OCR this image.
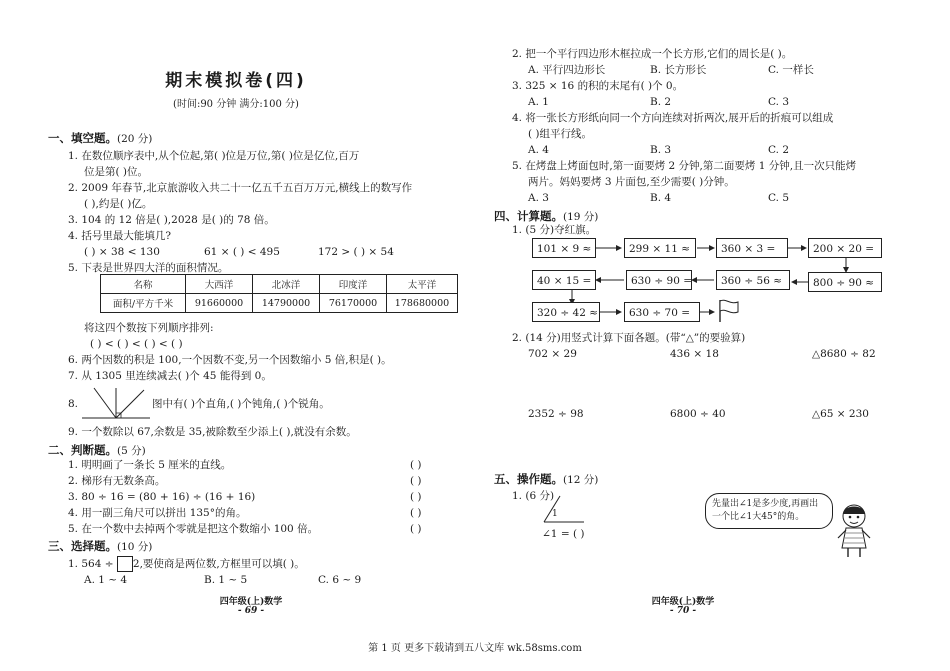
期末模拟卷(四)
(时间:90 分钟 满分:100 分)
一、填空题。(20 分)
1. 在数位顺序表中,从个位起,第( )位是万位,第( )位是亿位,百万
位是第( )位。
2. 2009 年春节,北京旅游收入共二十一亿五千五百万万元,横线上的数写作
( ),约是( )亿。
3. 104 的 12 倍是( ),2028 是( )的 78 倍。
4. 括号里最大能填几?
( ) × 38 < 130	61 × ( ) < 495	172 > ( ) × 54
5. 下表是世界四大洋的面积情况。
名称	大西洋	北冰洋	印度洋	太平洋
面积/平方千米	91660000	14790000	76170000	178680000
将这四个数按下列顺序排列:
( ) < ( ) < ( ) < ( )
6. 两个因数的积是 100,一个因数不变,另一个因数缩小 5 倍,积是( )。
7. 从 1305 里连续减去( )个 45 能得到 0。
8.	图中有( )个直角,( )个钝角,( )个锐角。
9. 一个数除以 67,余数是 35,被除数至少添上( ),就没有余数。
二、判断题。(5 分)
1. 明明画了一条长 5 厘米的直线。	( )
2. 梯形有无数条高。	( )
3. 80 ÷ 16 = (80 + 16) ÷ (16 + 16)	( )
4. 用一副三角尺可以拼出 135°的角。	( )
5. 在一个数中去掉两个零就是把这个数缩小 100 倍。	( )
三、选择题。(10 分)
1. 564 ÷ 2,要使商是两位数,方框里可以填( )。
A. 1 ~ 4	B. 1 ~ 5	C. 6 ~ 9
四年级(上)数学
- 69 -
2. 把一个平行四边形木框拉成一个长方形,它们的周长是( )。
A. 平行四边形长	B. 长方形长	C. 一样长
3. 325 × 16 的积的末尾有( )个 0。
A. 1	B. 2	C. 3
4. 将一张长方形纸向同一个方向连续对折两次,展开后的折痕可以组成
( )组平行线。
A. 4	B. 3	C. 2
5. 在烤盘上烤面包时,第一面要烤 2 分钟,第二面要烤 1 分钟,且一次只能烤
两片。妈妈要烤 3 片面包,至少需要( )分钟。
A. 3	B. 4	C. 5
四、计算题。(19 分)
1. (5 分)夺红旗。
101 × 9 ≈	299 × 11 ≈	360 × 3 =	200 × 20 =
800 ÷ 90 ≈
360 ÷ 56 ≈
630 ÷ 90 =
40 × 15 =
320 ÷ 42 ≈	630 ÷ 70 =
2. (14 分)用竖式计算下面各题。(带“△”的要验算)
702 × 29	436 × 18	△8680 ÷ 82
2352 ÷ 98	6800 ÷ 40	△65 × 230
五、操作题。(12 分)
1. (6 分)
1
∠1 = ( )
四年级(上)数学
- 70 -
先量出∠1是多少度,再画出一个比∠1大45°的角。
第 1 页 更多下载请到五八文库 wk.58sms.com
